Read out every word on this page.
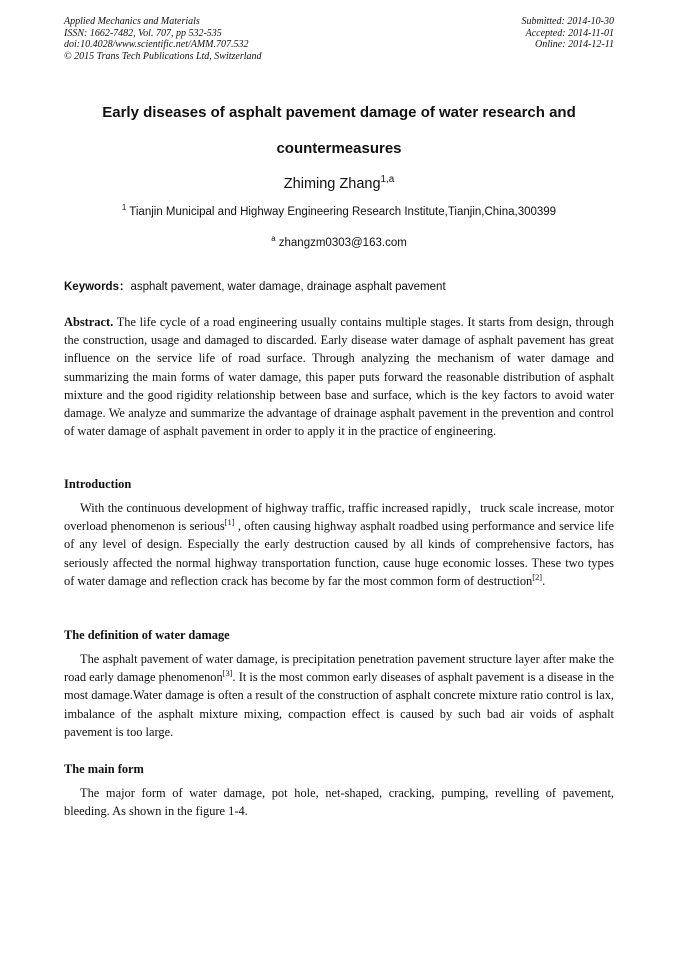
Applied Mechanics and Materials
ISSN: 1662-7482, Vol. 707, pp 532-535
doi:10.4028/www.scientific.net/AMM.707.532
© 2015 Trans Tech Publications Ltd, Switzerland
Submitted: 2014-10-30
Accepted: 2014-11-01
Online: 2014-12-11
Early diseases of asphalt pavement damage of water research and
countermeasures
Zhiming Zhang$^{1,a}$
$^1$ Tianjin Municipal and Highway Engineering Research Institute,Tianjin,China,300399
$^a$ zhangzm0303@163.com
Keywords：asphalt pavement, water damage, drainage asphalt pavement

Abstract. The life cycle of a road engineering usually contains multiple stages. It starts from design, through the construction, usage and damaged to discarded. Early disease water damage of asphalt pavement has great influence on the service life of road surface. Through analyzing the mechanism of water damage and summarizing the main forms of water damage, this paper puts forward the reasonable distribution of asphalt mixture and the good rigidity relationship between base and surface, which is the key factors to avoid water damage. We analyze and summarize the advantage of drainage asphalt pavement in the prevention and control of water damage of asphalt pavement in order to apply it in the practice of engineering.

Introduction

With the continuous development of highway traffic, traffic increased rapidly，truck scale increase, motor overload phenomenon is serious[1] , often causing highway asphalt roadbed using performance and service life of any level of design. Especially the early destruction caused by all kinds of comprehensive factors, has seriously affected the normal highway transportation function, cause huge economic losses. These two types of water damage and reflection crack has become by far the most common form of destruction[2].

The definition of water damage

The asphalt pavement of water damage, is precipitation penetration pavement structure layer after make the road early damage phenomenon[3]. It is the most common early diseases of asphalt pavement is a disease in the most damage.Water damage is often a result of the construction of asphalt concrete mixture ratio control is lax, imbalance of the asphalt mixture mixing, compaction effect is caused by such bad air voids of asphalt pavement is too large.

The main form

The major form of water damage, pot hole, net-shaped, cracking, pumping, revelling of pavement,   bleeding. As shown in the figure 1-4.
